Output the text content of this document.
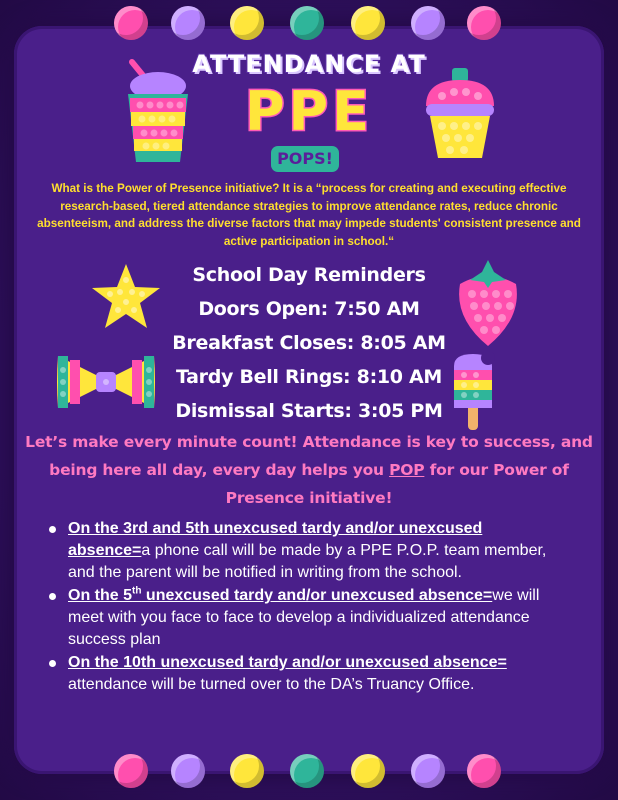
ATTENDANCE AT
PPE
POPS!
What is the Power of Presence initiative? It is a “process for creating and executing effective research-based, tiered attendance strategies to improve attendance rates, reduce chronic absenteeism, and address the diverse factors that may impede students' consistent presence and active participation in school.“
School Day Reminders
Doors Open: 7:50 AM
Breakfast Closes: 8:05 AM
Tardy Bell Rings: 8:10 AM
Dismissal Starts: 3:05 PM
Let’s make every minute count! Attendance is key to success, and being here all day, every day helps you POP for our Power of Presence initiative!
On the 3rd and 5th unexcused tardy and/or unexcused absence=a phone call will be made by a PPE P.O.P. team member, and the parent will be notified in writing from the school.
On the 5th unexcused tardy and/or unexcused absence=we will meet with you face to face to develop a individualized attendance success plan
On the 10th unexcused tardy and/or unexcused absence= attendance will be turned over to the DA’s Truancy Office.
